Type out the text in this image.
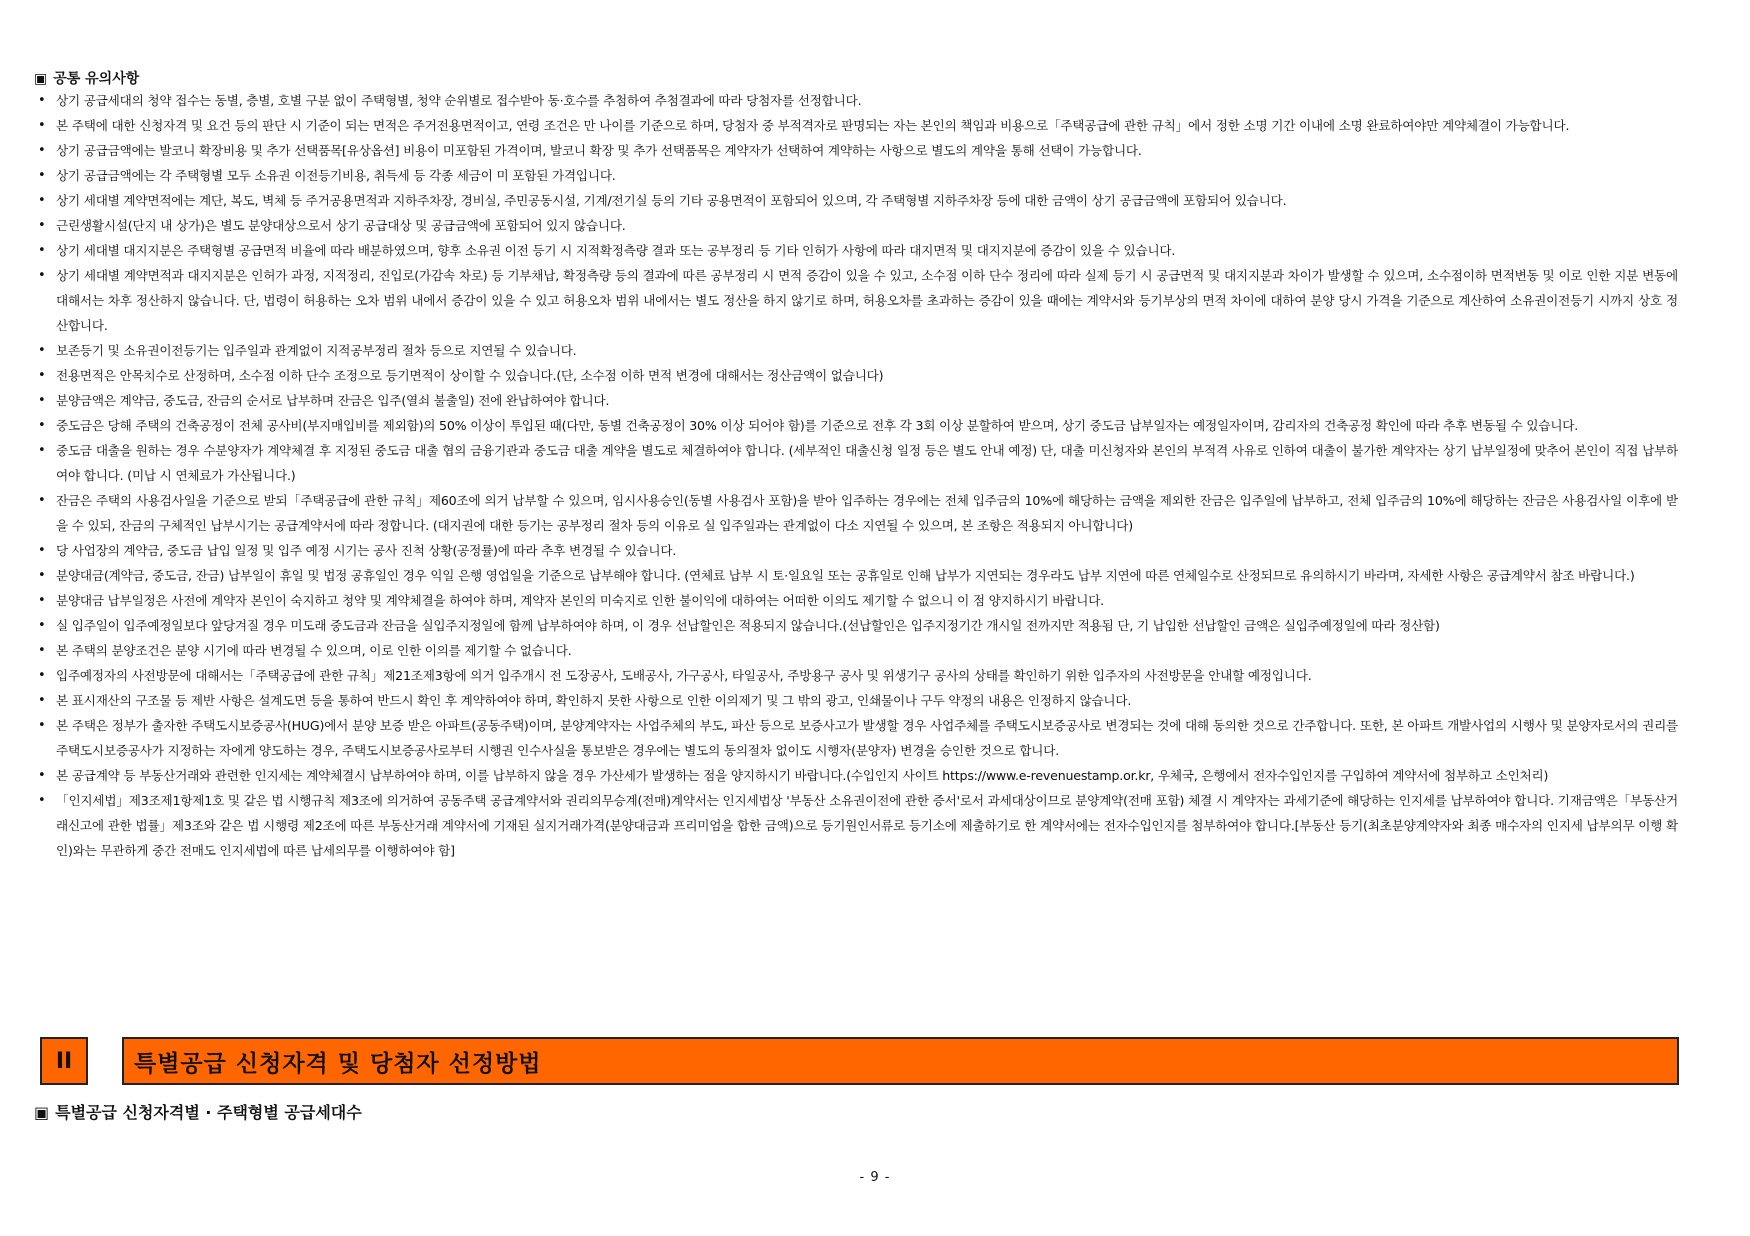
▣ 공통 유의사항
• 상기 공급세대의 청약 접수는 동별, 층별, 호별 구분 없이 주택형별, 청약 순위별로 접수받아 동·호수를 추첨하여 추첨결과에 따라 당첨자를 선정합니다.
• 본 주택에 대한 신청자격 및 요건 등의 판단 시 기준이 되는 면적은 주거전용면적이고, 연령 조건은 만 나이를 기준으로 하며, 당첨자 중 부적격자로 판명되는 자는 본인의 책임과 비용으로「주택공급에 관한 규칙」에서 정한 소명 기간 이내에 소명 완료하여야만 계약체결이 가능합니다.
• 상기 공급금액에는 발코니 확장비용 및 추가 선택품목[유상옵션] 비용이 미포함된 가격이며, 발코니 확장 및 추가 선택품목은 계약자가 선택하여 계약하는 사항으로 별도의 계약을 통해 선택이 가능합니다.
• 상기 공급금액에는 각 주택형별 모두 소유권 이전등기비용, 취득세 등 각종 세금이 미 포함된 가격입니다.
• 상기 세대별 계약면적에는 계단, 복도, 벽체 등 주거공용면적과 지하주차장, 경비실, 주민공동시설, 기계/전기실 등의 기타 공용면적이 포함되어 있으며, 각 주택형별 지하주차장 등에 대한 금액이 상기 공급금액에 포함되어 있습니다.
• 근린생활시설(단지 내 상가)은 별도 분양대상으로서 상기 공급대상 및 공급금액에 포함되어 있지 않습니다.
• 상기 세대별 대지지분은 주택형별 공급면적 비율에 따라 배분하였으며, 향후 소유권 이전 등기 시 지적확정측량 결과 또는 공부정리 등 기타 인허가 사항에 따라 대지면적 및 대지지분에 증감이 있을 수 있습니다.
• 상기 세대별 계약면적과 대지지분은 인허가 과정, 지적정리, 진입로(가감속 차로) 등 기부채납, 확정측량 등의 결과에 따른 공부정리 시 면적 증감이 있을 수 있고, 소수점 이하 단수 정리에 따라 실제 등기 시 공급면적 및 대지지분과 차이가 발생할 수 있으며, 소수점이하 면적변동 및 이로 인한 지분 변동에 대해서는 차후 정산하지 않습니다. 단, 법령이 허용하는 오차 범위 내에서 증감이 있을 수 있고 허용오차 범위 내에서는 별도 정산을 하지 않기로 하며, 허용오차를 초과하는 증감이 있을 때에는 계약서와 등기부상의 면적 차이에 대하여 분양 당시 가격을 기준으로 계산하여 소유권이전등기 시까지 상호 정산합니다.
• 보존등기 및 소유권이전등기는 입주일과 관계없이 지적공부정리 절차 등으로 지연될 수 있습니다.
• 전용면적은 안목치수로 산정하며, 소수점 이하 단수 조정으로 등기면적이 상이할 수 있습니다.(단, 소수점 이하 면적 변경에 대해서는 정산금액이 없습니다)
• 분양금액은 계약금, 중도금, 잔금의 순서로 납부하며 잔금은 입주(열쇠 불출일) 전에 완납하여야 합니다.
• 중도금은 당해 주택의 건축공정이 전체 공사비(부지매입비를 제외함)의 50% 이상이 투입된 때(다만, 동별 건축공정이 30% 이상 되어야 함)를 기준으로 전후 각 3회 이상 분할하여 받으며, 상기 중도금 납부일자는 예정일자이며, 감리자의 건축공정 확인에 따라 추후 변동될 수 있습니다.
• 중도금 대출을 원하는 경우 수분양자가 계약체결 후 지정된 중도금 대출 협의 금융기관과 중도금 대출 계약을 별도로 체결하여야 합니다. (세부적인 대출신청 일정 등은 별도 안내 예정) 단, 대출 미신청자와 본인의 부적격 사유로 인하여 대출이 불가한 계약자는 상기 납부일정에 맞추어 본인이 직접 납부하여야 합니다. (미납 시 연체료가 가산됩니다.)
• 잔금은 주택의 사용검사일을 기준으로 받되「주택공급에 관한 규칙」제60조에 의거 납부할 수 있으며, 임시사용승인(동별 사용검사 포함)을 받아 입주하는 경우에는 전체 입주금의 10%에 해당하는 금액을 제외한 잔금은 입주일에 납부하고, 전체 입주금의 10%에 해당하는 잔금은 사용검사일 이후에 받을 수 있되, 잔금의 구체적인 납부시기는 공급계약서에 따라 정합니다. (대지권에 대한 등기는 공부정리 절차 등의 이유로 실 입주일과는 관계없이 다소 지연될 수 있으며, 본 조항은 적용되지 아니합니다)
• 당 사업장의 계약금, 중도금 납입 일정 및 입주 예정 시기는 공사 진척 상황(공정률)에 따라 추후 변경될 수 있습니다.
• 분양대금(계약금, 중도금, 잔금) 납부일이 휴일 및 법정 공휴일인 경우 익일 은행 영업일을 기준으로 납부해야 합니다. (연체료 납부 시 토·일요일 또는 공휴일로 인해 납부가 지연되는 경우라도 납부 지연에 따른 연체일수로 산정되므로 유의하시기 바라며, 자세한 사항은 공급계약서 참조 바랍니다.)
• 분양대금 납부일정은 사전에 계약자 본인이 숙지하고 청약 및 계약체결을 하여야 하며, 계약자 본인의 미숙지로 인한 불이익에 대하여는 어떠한 이의도 제기할 수 없으니 이 점 양지하시기 바랍니다.
• 실 입주일이 입주예정일보다 앞당겨질 경우 미도래 중도금과 잔금을 실입주지정일에 함께 납부하여야 하며, 이 경우 선납할인은 적용되지 않습니다.(선납할인은 입주지정기간 개시일 전까지만 적용됨 단, 기 납입한 선납할인 금액은 실입주예정일에 따라 정산함)
• 본 주택의 분양조건은 분양 시기에 따라 변경될 수 있으며, 이로 인한 이의를 제기할 수 없습니다.
• 입주예정자의 사전방문에 대해서는「주택공급에 관한 규칙」제21조제3항에 의거 입주개시 전 도장공사, 도배공사, 가구공사, 타일공사, 주방용구 공사 및 위생기구 공사의 상태를 확인하기 위한 입주자의 사전방문을 안내할 예정입니다.
• 본 표시재산의 구조물 등 제반 사항은 설계도면 등을 통하여 반드시 확인 후 계약하여야 하며, 확인하지 못한 사항으로 인한 이의제기 및 그 밖의 광고, 인쇄물이나 구두 약정의 내용은 인정하지 않습니다.
• 본 주택은 정부가 출자한 주택도시보증공사(HUG)에서 분양 보증 받은 아파트(공동주택)이며, 분양계약자는 사업주체의 부도, 파산 등으로 보증사고가 발생할 경우 사업주체를 주택도시보증공사로 변경되는 것에 대해 동의한 것으로 간주합니다. 또한, 본 아파트 개발사업의 시행사 및 분양자로서의 권리를 주택도시보증공사가 지정하는 자에게 양도하는 경우, 주택도시보증공사로부터 시행권 인수사실을 통보받은 경우에는 별도의 동의절차 없이도 시행자(분양자) 변경을 승인한 것으로 합니다.
• 본 공급계약 등 부동산거래와 관련한 인지세는 계약체결시 납부하여야 하며, 이를 납부하지 않을 경우 가산세가 발생하는 점을 양지하시기 바랍니다.(수입인지 사이트 https://www.e-revenuestamp.or.kr, 우체국, 은행에서 전자수입인지를 구입하여 계약서에 첨부하고 소인처리)
• 「인지세법」제3조제1항제1호 및 같은 법 시행규칙 제3조에 의거하여 공동주택 공급계약서와 권리의무승계(전매)계약서는 인지세법상 '부동산 소유권이전에 관한 증서'로서 과세대상이므로 분양계약(전매 포함) 체결 시 계약자는 과세기준에 해당하는 인지세를 납부하여야 합니다. 기재금액은「부동산거래신고에 관한 법률」제3조와 같은 법 시행령 제2조에 따른 부동산거래 계약서에 기재된 실지거래가격(분양대금과 프리미엄을 합한 금액)으로 등기원인서류로 등기소에 제출하기로 한 계약서에는 전자수입인지를 첨부하여야 합니다.[부동산 등기(최초분양계약자와 최종 매수자의 인지세 납부의무 이행 확인)와는 무관하게 중간 전매도 인지세법에 따른 납세의무를 이행하여야 함]
II	특별공급 신청자격 및 당첨자 선정방법
▣ 특별공급 신청자격별 · 주택형별 공급세대수
- 9 -
